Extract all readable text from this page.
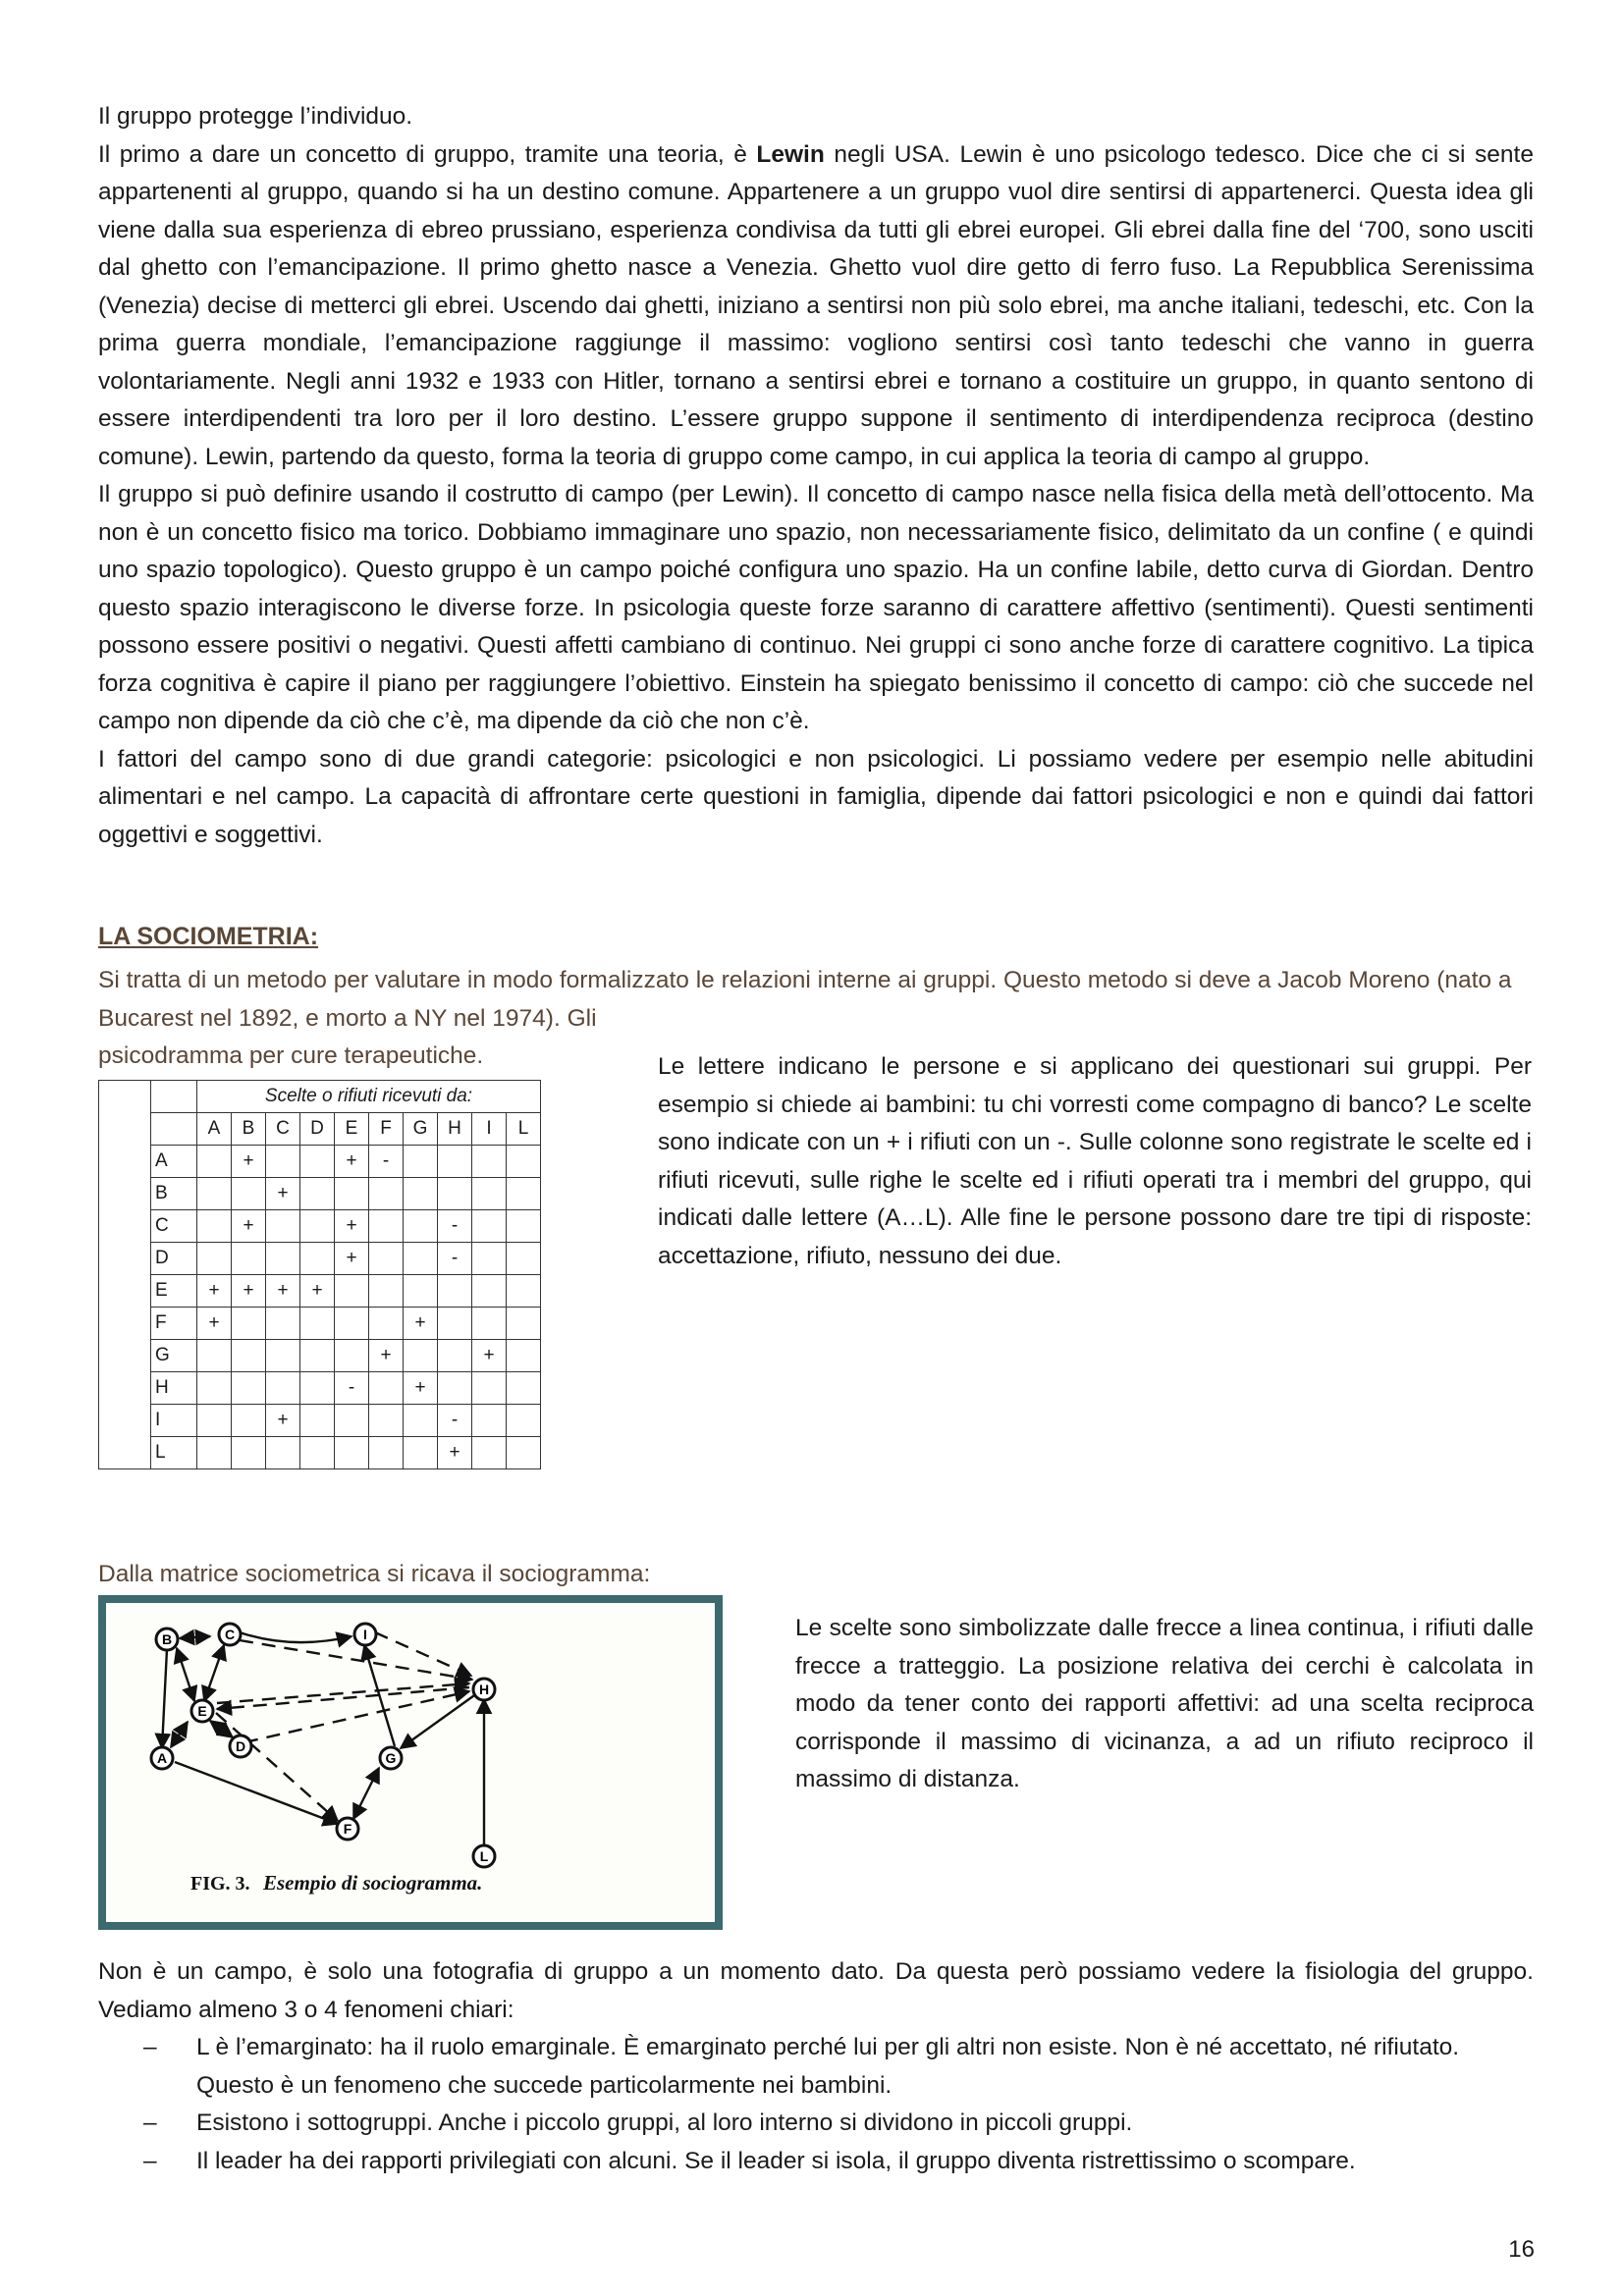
Il gruppo protegge l’individuo.

Il primo a dare un concetto di gruppo, tramite una teoria, è Lewin negli USA. Lewin è uno psicologo tedesco. Dice che ci si sente appartenenti al gruppo, quando si ha un destino comune. Appartenere a un gruppo vuol dire sentirsi di appartenerci. Questa idea gli viene dalla sua esperienza di ebreo prussiano, esperienza condivisa da tutti gli ebrei europei. Gli ebrei dalla fine del ‘700, sono usciti dal ghetto con l’emancipazione. Il primo ghetto nasce a Venezia. Ghetto vuol dire getto di ferro fuso. La Repubblica Serenissima (Venezia) decise di metterci gli ebrei. Uscendo dai ghetti, iniziano a sentirsi non più solo ebrei, ma anche italiani, tedeschi, etc. Con la prima guerra mondiale, l’emancipazione raggiunge il massimo: vogliono sentirsi così tanto tedeschi che vanno in guerra volontariamente. Negli anni 1932 e 1933 con Hitler, tornano a sentirsi ebrei e tornano a costituire un gruppo, in quanto sentono di essere interdipendenti tra loro per il loro destino. L’essere gruppo suppone il sentimento di interdipendenza reciproca (destino comune). Lewin, partendo da questo, forma la teoria di gruppo come campo, in cui applica la teoria di campo al gruppo.

Il gruppo si può definire usando il costrutto di campo (per Lewin). Il concetto di campo nasce nella fisica della metà dell’ottocento. Ma non è un concetto fisico ma torico. Dobbiamo immaginare uno spazio, non necessariamente fisico, delimitato da un confine ( e quindi uno spazio topologico). Questo gruppo è un campo poiché configura uno spazio. Ha un confine labile, detto curva di Giordan. Dentro questo spazio interagiscono le diverse forze. In psicologia queste forze saranno di carattere affettivo (sentimenti). Questi sentimenti possono essere positivi o negativi. Questi affetti cambiano di continuo. Nei gruppi ci sono anche forze di carattere cognitivo. La tipica forza cognitiva è capire il piano per raggiungere l’obiettivo. Einstein ha spiegato benissimo il concetto di campo: ciò che succede nel campo non dipende da ciò che c’è, ma dipende da ciò che non c’è.

I fattori del campo sono di due grandi categorie: psicologici e non psicologici. Li possiamo vedere per esempio nelle abitudini alimentari e nel campo. La capacità di affrontare certe questioni in famiglia, dipende dai fattori psicologici e non e quindi dai fattori oggettivi e soggettivi.

LA SOCIOMETRIA:

Si tratta di un metodo per valutare in modo formalizzato le relazioni interne ai gruppi. Questo metodo si deve a Jacob Moreno (nato a Bucarest nel 1892, e morto a NY nel 1974). Gli

psicodramma per cure terapeutiche.
		Scelte o rifiuti ricevuti da:									
		A	B	C	D	E	F	G	H	I	L
	A		+			+	-				
	B			+							
	C		+			+			-		
	D					+			-		
	E	+	+	+	+						
	F	+						+			
	G						+			+	
	H					-		+			
	I			+					-		
	L								+		

Le lettere indicano le persone e si applicano dei questionari sui gruppi. Per esempio si chiede ai bambini: tu chi vorresti come compagno di banco? Le scelte sono indicate con un + i rifiuti con un -. Sulle colonne sono registrate le scelte ed i rifiuti ricevuti, sulle righe le scelte ed i rifiuti operati tra i membri del gruppo, qui indicati dalle lettere (A…L). Alle fine le persone possono dare tre tipi di risposte: accettazione, rifiuto, nessuno dei due.

Dalla matrice sociometrica si ricava il sociogramma:
A
B	C
D
E
F
G
H
I
L
FIG. 3. Esempio di sociogramma.

Le scelte sono simbolizzate dalle frecce a linea continua, i rifiuti dalle frecce a tratteggio. La posizione relativa dei cerchi è calcolata in modo da tener conto dei rapporti affettivi: ad una scelta reciproca corrisponde il massimo di vicinanza, a ad un rifiuto reciproco il massimo di distanza.

Non è un campo, è solo una fotografia di gruppo a un momento dato. Da questa però possiamo vedere la fisiologia del gruppo. Vediamo almeno 3 o 4 fenomeni chiari:

– L è l’emarginato: ha il ruolo emarginale. È emarginato perché lui per gli altri non esiste. Non è né accettato, né rifiutato. Questo è un fenomeno che succede particolarmente nei bambini.
– Esistono i sottogruppi. Anche i piccolo gruppi, al loro interno si dividono in piccoli gruppi.
– Il leader ha dei rapporti privilegiati con alcuni. Se il leader si isola, il gruppo diventa ristrettissimo o scompare.
16
